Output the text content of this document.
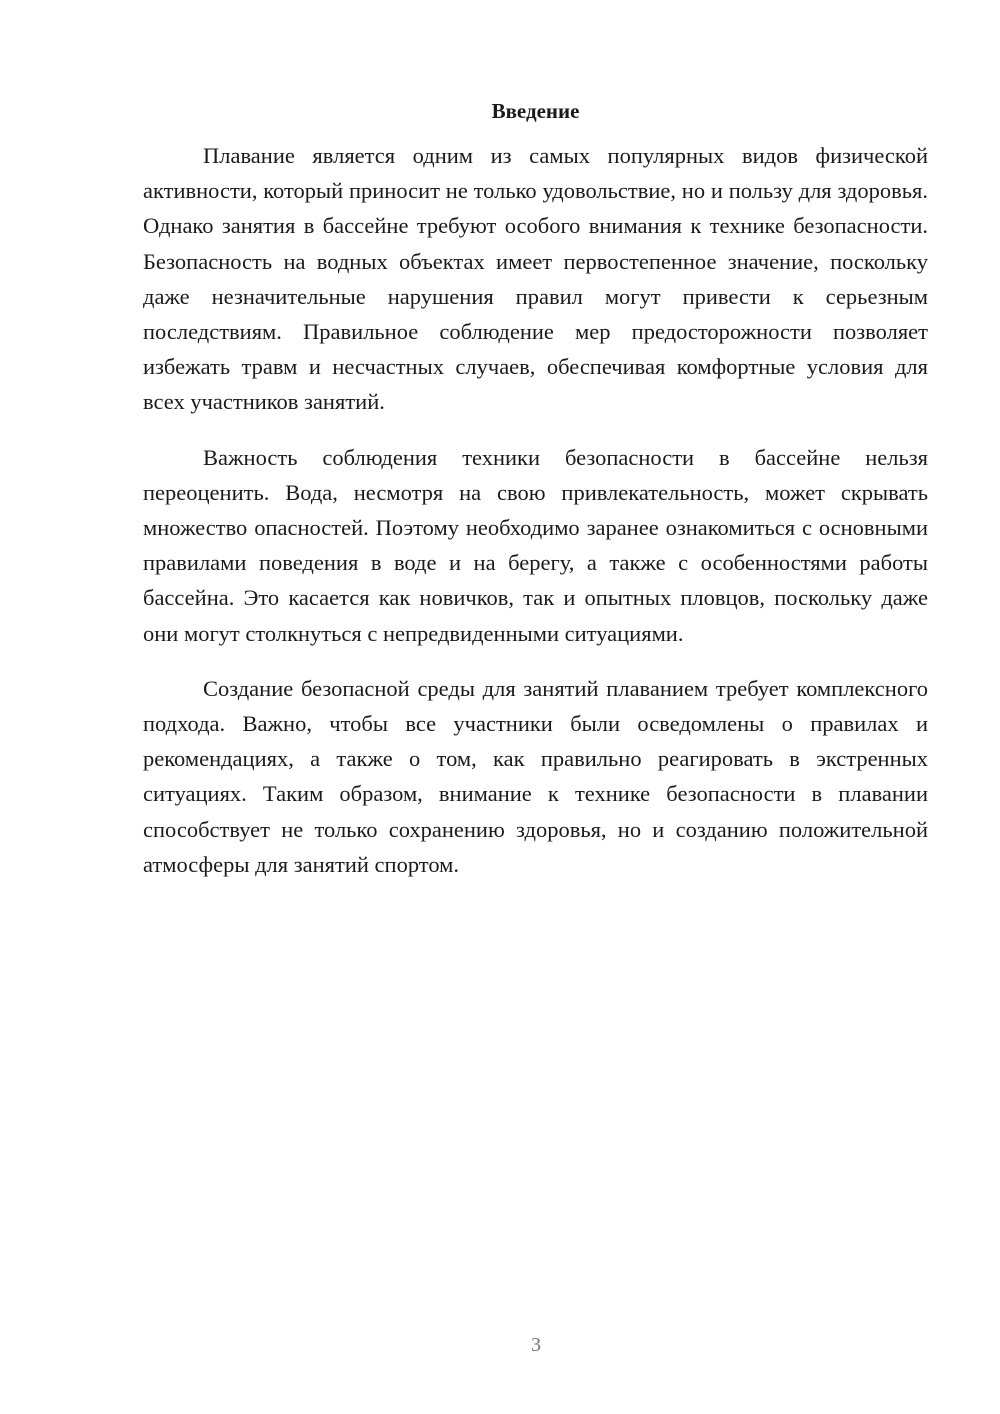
Введение

Плавание является одним из самых популярных видов физической активности, который приносит не только удовольствие, но и пользу для здоровья. Однако занятия в бассейне требуют особого внимания к технике безопасности. Безопасность на водных объектах имеет первостепенное значение, поскольку даже незначительные нарушения правил могут привести к серьезным последствиям. Правильное соблюдение мер предосторожности позволяет избежать травм и несчастных случаев, обеспечивая комфортные условия для всех участников занятий.

Важность соблюдения техники безопасности в бассейне нельзя переоценить. Вода, несмотря на свою привлекательность, может скрывать множество опасностей. Поэтому необходимо заранее ознакомиться с основными правилами поведения в воде и на берегу, а также с особенностями работы бассейна. Это касается как новичков, так и опытных пловцов, поскольку даже они могут столкнуться с непредвиденными ситуациями.

Создание безопасной среды для занятий плаванием требует комплексного подхода. Важно, чтобы все участники были осведомлены о правилах и рекомендациях, а также о том, как правильно реагировать в экстренных ситуациях. Таким образом, внимание к технике безопасности в плавании способствует не только сохранению здоровья, но и созданию положительной атмосферы для занятий спортом.

3
